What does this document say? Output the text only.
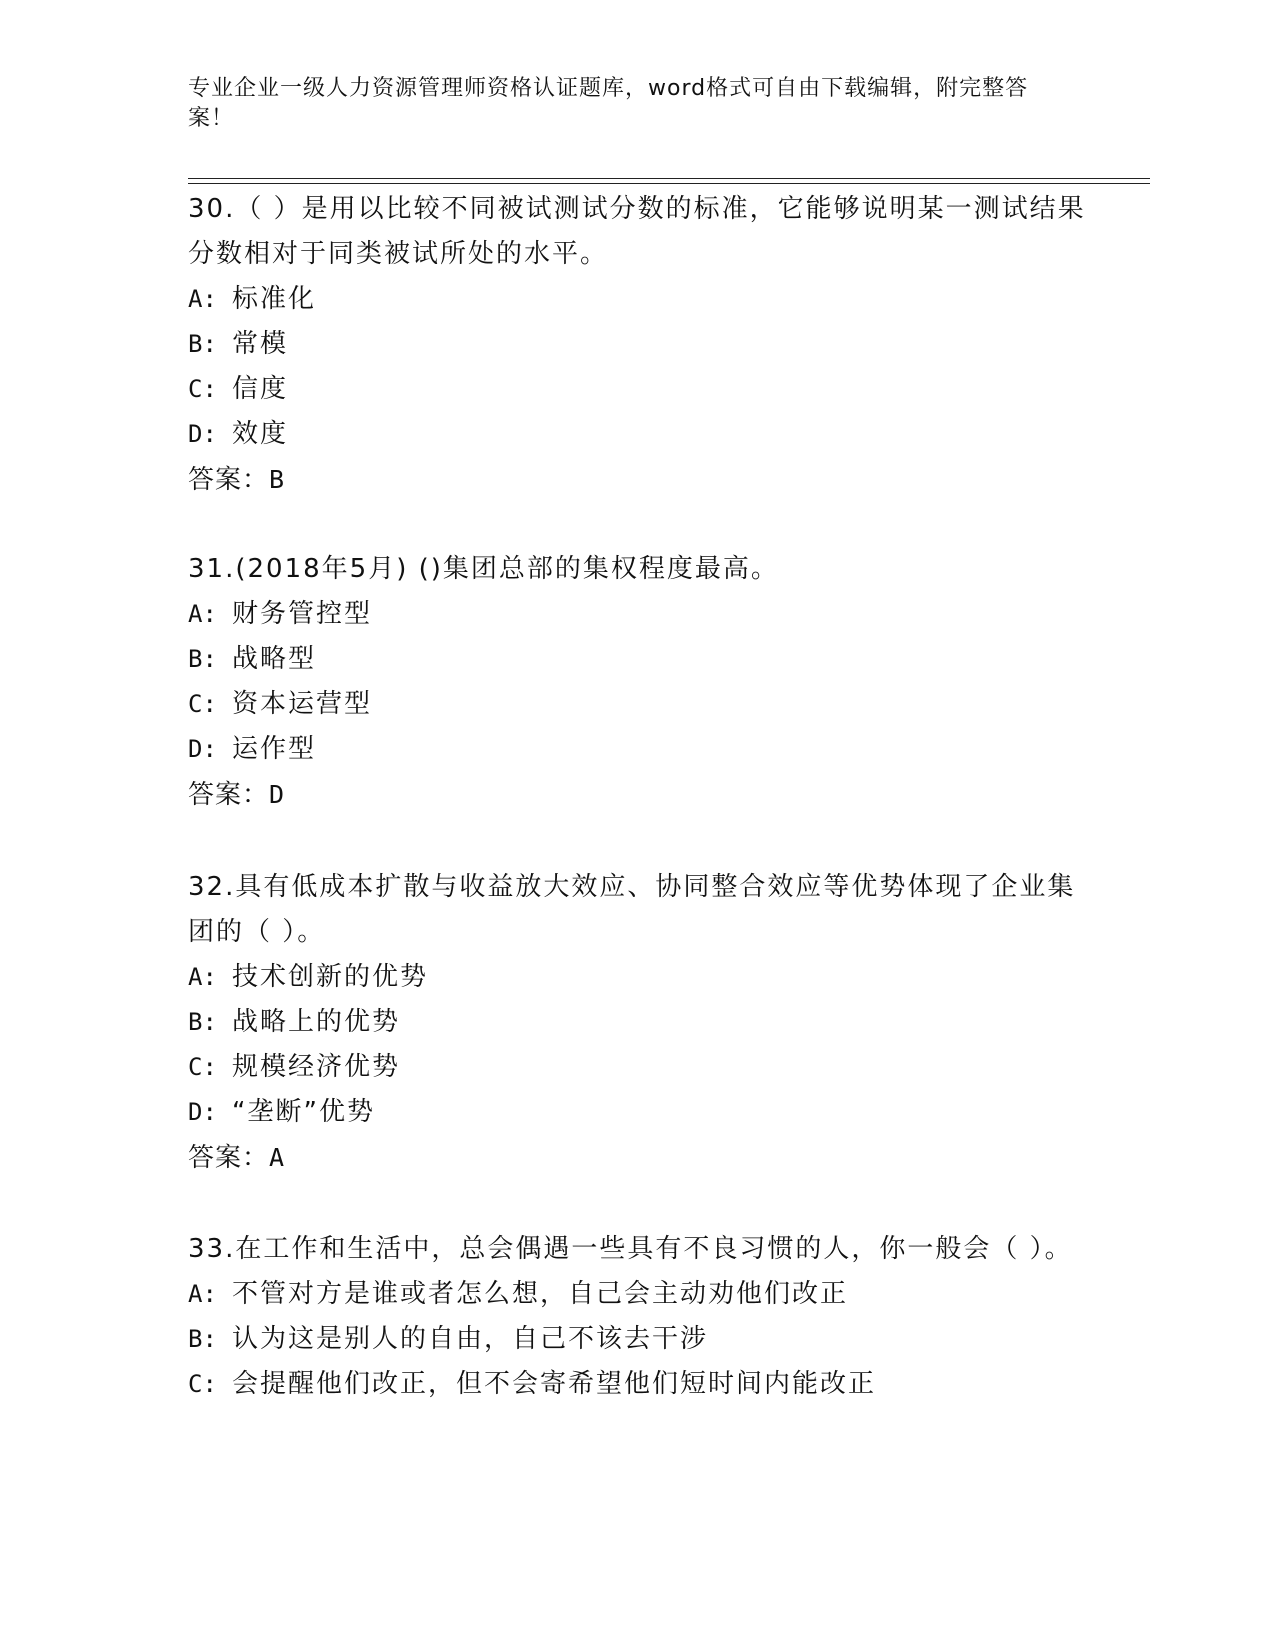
专业企业一级人力资源管理师资格认证题库，word格式可自由下载编辑，附完整答案！

30.（ ）是用以比较不同被试测试分数的标准，它能够说明某一测试结果分数相对于同类被试所处的水平。

A: 标准化

B: 常模

C: 信度

D: 效度

答案：B

31.(2018年5月) ()集团总部的集权程度最高。

A: 财务管控型

B: 战略型

C: 资本运营型

D: 运作型

答案：D

32.具有低成本扩散与收益放大效应、协同整合效应等优势体现了企业集团的（ ）。

A: 技术创新的优势

B: 战略上的优势

C: 规模经济优势

D: “垄断”优势

答案：A

33.在工作和生活中，总会偶遇一些具有不良习惯的人，你一般会（ ）。

A: 不管对方是谁或者怎么想，自己会主动劝他们改正

B: 认为这是别人的自由，自己不该去干涉

C: 会提醒他们改正，但不会寄希望他们短时间内能改正
